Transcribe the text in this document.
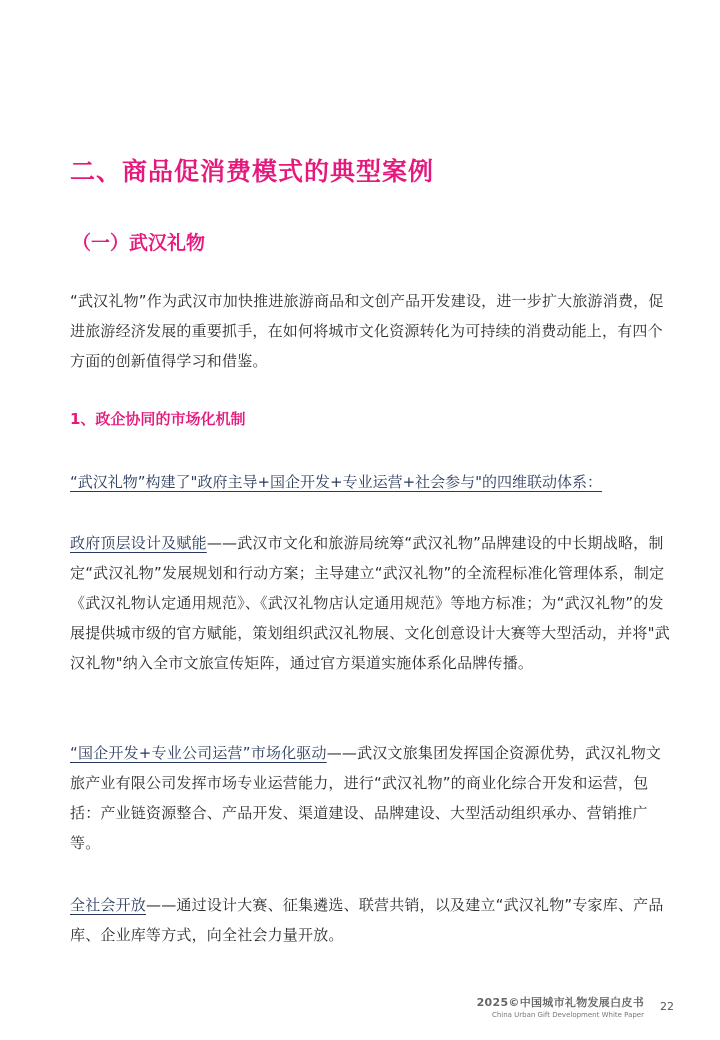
二、商品促消费模式的典型案例
（一）武汉礼物
“武汉礼物”作为武汉市加快推进旅游商品和文创产品开发建设，进一步扩大旅游消费，促进旅游经济发展的重要抓手，在如何将城市文化资源转化为可持续的消费动能上，有四个方面的创新值得学习和借鉴。
1、政企协同的市场化机制
“武汉礼物”构建了"政府主导+国企开发+专业运营+社会参与"的四维联动体系：
政府顶层设计及赋能——武汉市文化和旅游局统筹“武汉礼物”品牌建设的中长期战略，制定“武汉礼物”发展规划和行动方案；主导建立“武汉礼物”的全流程标准化管理体系，制定《武汉礼物认定通用规范》、《武汉礼物店认定通用规范》等地方标准；为“武汉礼物”的发展提供城市级的官方赋能，策划组织武汉礼物展、文化创意设计大赛等大型活动，并将"武汉礼物"纳入全市文旅宣传矩阵，通过官方渠道实施体系化品牌传播。
“国企开发+专业公司运营”市场化驱动——武汉文旅集团发挥国企资源优势，武汉礼物文旅产业有限公司发挥市场专业运营能力，进行“武汉礼物”的商业化综合开发和运营，包括：产业链资源整合、产品开发、渠道建设、品牌建设、大型活动组织承办、营销推广等。
全社会开放——通过设计大赛、征集遴选、联营共销，以及建立“武汉礼物”专家库、产品库、企业库等方式，向全社会力量开放。
2025©中国城市礼物发展白皮书
China Urban Gift Development White Paper
22
